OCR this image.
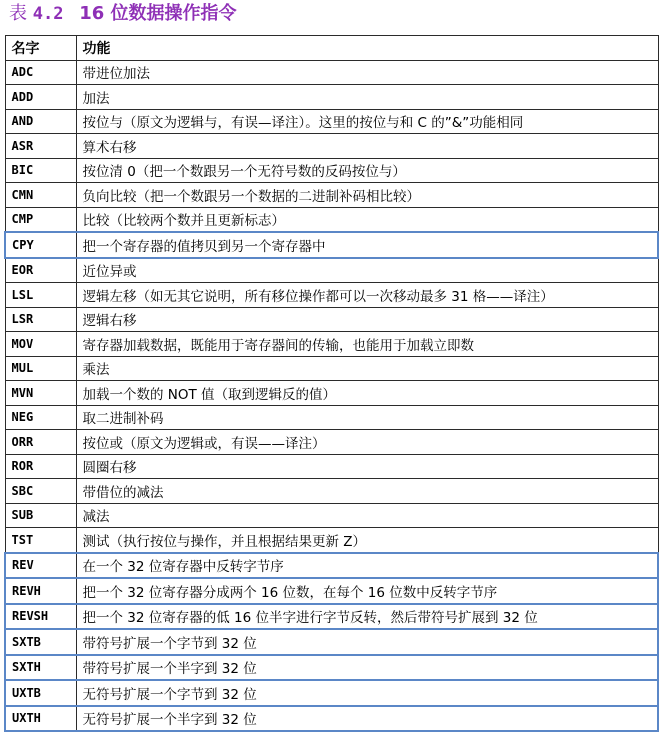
表 4.2 16 位数据操作指令
名字	功能
ADC	带进位加法
ADD	加法
AND	按位与（原文为逻辑与，有误—译注）。这里的按位与和 C 的”&”功能相同
ASR	算术右移
BIC	按位清 0（把一个数跟另一个无符号数的反码按位与）
CMN	负向比较（把一个数跟另一个数据的二进制补码相比较）
CMP	比较（比较两个数并且更新标志）
CPY	把一个寄存器的值拷贝到另一个寄存器中
EOR	近位异或
LSL	逻辑左移（如无其它说明，所有移位操作都可以一次移动最多 31 格——译注）
LSR	逻辑右移
MOV	寄存器加载数据，既能用于寄存器间的传输，也能用于加载立即数
MUL	乘法
MVN	加载一个数的 NOT 值（取到逻辑反的值）
NEG	取二进制补码
ORR	按位或（原文为逻辑或，有误——译注）
ROR	圆圈右移
SBC	带借位的减法
SUB	减法
TST	测试（执行按位与操作，并且根据结果更新 Z）
REV	在一个 32 位寄存器中反转字节序
REVH	把一个 32 位寄存器分成两个 16 位数，在每个 16 位数中反转字节序
REVSH	把一个 32 位寄存器的低 16 位半字进行字节反转，然后带符号扩展到 32 位
SXTB	带符号扩展一个字节到 32 位
SXTH	带符号扩展一个半字到 32 位
UXTB	无符号扩展一个字节到 32 位
UXTH	无符号扩展一个半字到 32 位
